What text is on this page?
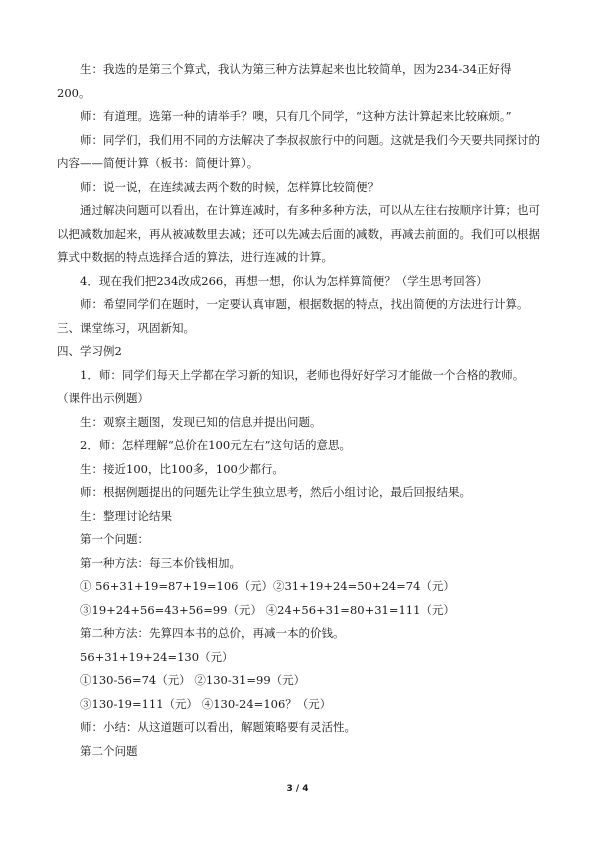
生：我选的是第三个算式，我认为第三种方法算起来也比较简单，因为234-34正好得200。

师：有道理。选第一种的请举手？噢，只有几个同学，“这种方法计算起来比较麻烦。”

师：同学们，我们用不同的方法解决了李叔叔旅行中的问题。这就是我们今天要共同探讨的内容——简便计算（板书：简便计算）。

师：说一说，在连续减去两个数的时候，怎样算比较简便？

通过解决问题可以看出，在计算连减时，有多种多种方法，可以从左往右按顺序计算；也可以把减数加起来，再从被减数里去减；还可以先减去后面的减数，再减去前面的。我们可以根据算式中数据的特点选择合适的算法，进行连减的计算。

4．现在我们把234改成266，再想一想，你认为怎样算简便？（学生思考回答）

师：希望同学们在题时，一定要认真审题，根据数据的特点，找出简便的方法进行计算。

三、课堂练习，巩固新知。

四、学习例2

1．师：同学们每天上学都在学习新的知识，老师也得好好学习才能做一个合格的教师。（课件出示例题）

生：观察主题图，发现已知的信息并提出问题。

2．师：怎样理解“总价在100元左右”这句话的意思。

生：接近100，比100多，100少都行。

师：根据例题提出的问题先让学生独立思考，然后小组讨论，最后回报结果。

生：整理讨论结果

第一个问题：

第一种方法：每三本价钱相加。

① 56+31+19=87+19=106（元）②31+19+24=50+24=74（元）

③19+24+56=43+56=99（元） ④24+56+31=80+31=111（元）

第二种方法：先算四本书的总价，再减一本的价钱。

56+31+19+24=130（元）

①130-56=74（元） ②130-31=99（元）

③130-19=111（元） ④130-24=106？（元）

师：小结：从这道题可以看出，解题策略要有灵活性。

第二个问题

3 / 4
